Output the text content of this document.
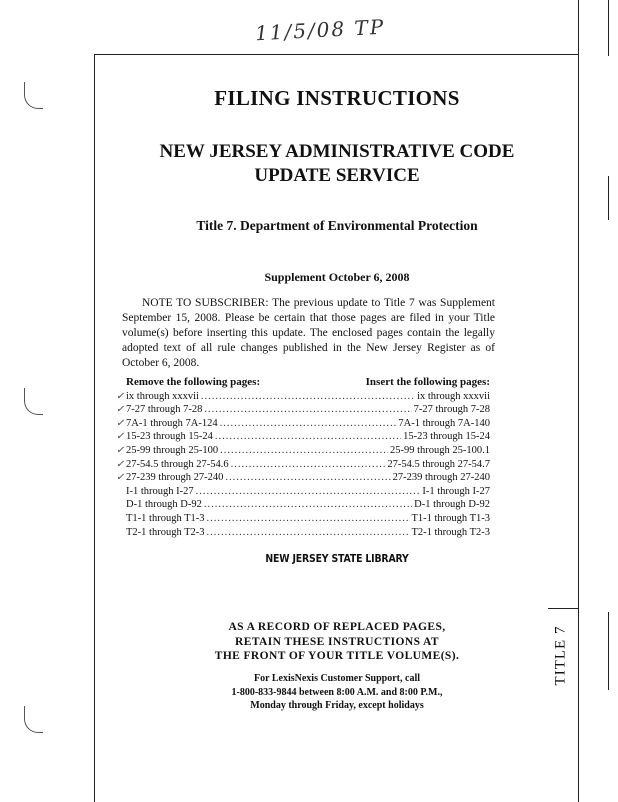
11/5/08 TP
FILING INSTRUCTIONS
NEW JERSEY ADMINISTRATIVE CODE
UPDATE SERVICE
Title 7. Department of Environmental Protection
Supplement October 6, 2008
NOTE TO SUBSCRIBER: The previous update to Title 7 was Supplement September 15, 2008. Please be certain that those pages are filed in your Title volume(s) before inserting this update. The enclosed pages contain the legally adopted text of all rule changes published in the New Jersey Register as of October 6, 2008.
Remove the following pages:	Insert the following pages:
✓ ix through xxxvii .....	ix through xxxvii
✓ 7-27 through 7-28 .....	7-27 through 7-28
✓ 7A-1 through 7A-124 .....	7A-1 through 7A-140
✓ 15-23 through 15-24 .....	15-23 through 15-24
✓ 25-99 through 25-100 .....	25-99 through 25-100.1
✓ 27-54.5 through 27-54.6 .....	27-54.5 through 27-54.7
✓ 27-239 through 27-240 .....	27-239 through 27-240
I-1 through I-27 .....	I-1 through I-27
D-1 through D-92 .....	D-1 through D-92
T1-1 through T1-3 .....	T1-1 through T1-3
T2-1 through T2-3 .....	T2-1 through T2-3
NEW JERSEY STATE LIBRARY
AS A RECORD OF REPLACED PAGES,
RETAIN THESE INSTRUCTIONS AT
THE FRONT OF YOUR TITLE VOLUME(S).
For LexisNexis Customer Support, call
1-800-833-9844 between 8:00 A.M. and 8:00 P.M.,
Monday through Friday, except holidays
TITLE 7
